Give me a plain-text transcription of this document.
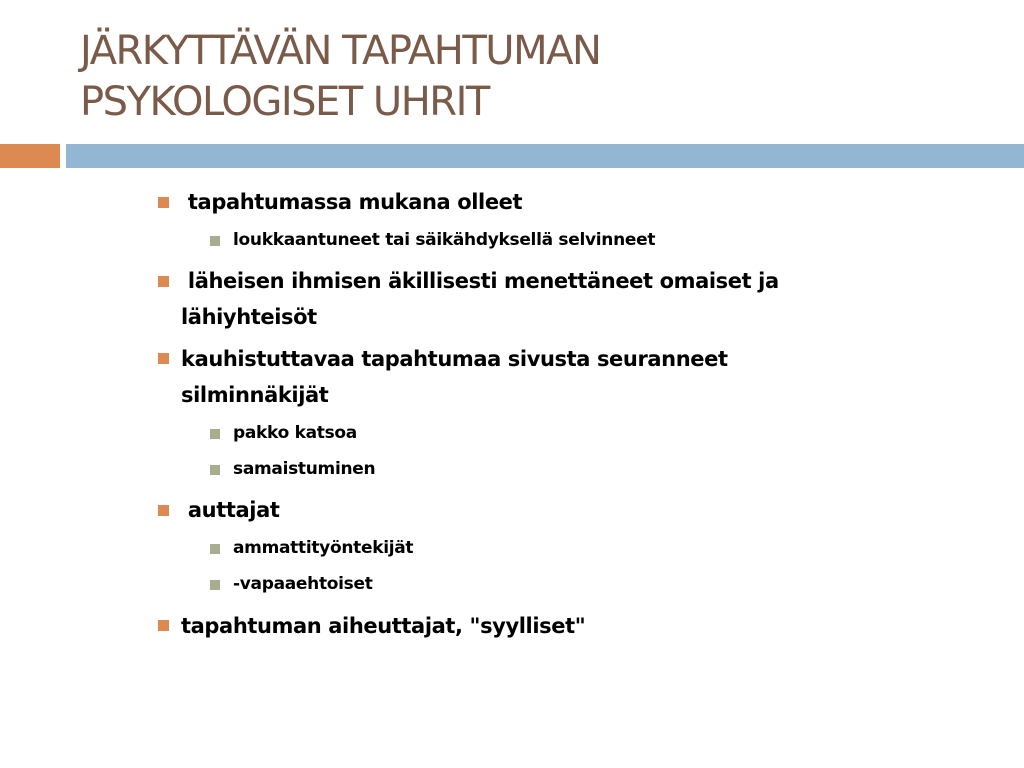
JÄRKYTTÄVÄN TAPAHTUMAN
PSYKOLOGISET UHRIT
tapahtumassa mukana olleet
loukkaantuneet tai säikähdyksellä selvinneet
läheisen ihmisen äkillisesti menettäneet omaiset ja
lähiyhteisöt
kauhistuttavaa tapahtumaa sivusta seuranneet
silminnäkijät
pakko katsoa
samaistuminen
auttajat
ammattityöntekijät
-vapaaehtoiset
tapahtuman aiheuttajat, "syylliset"
